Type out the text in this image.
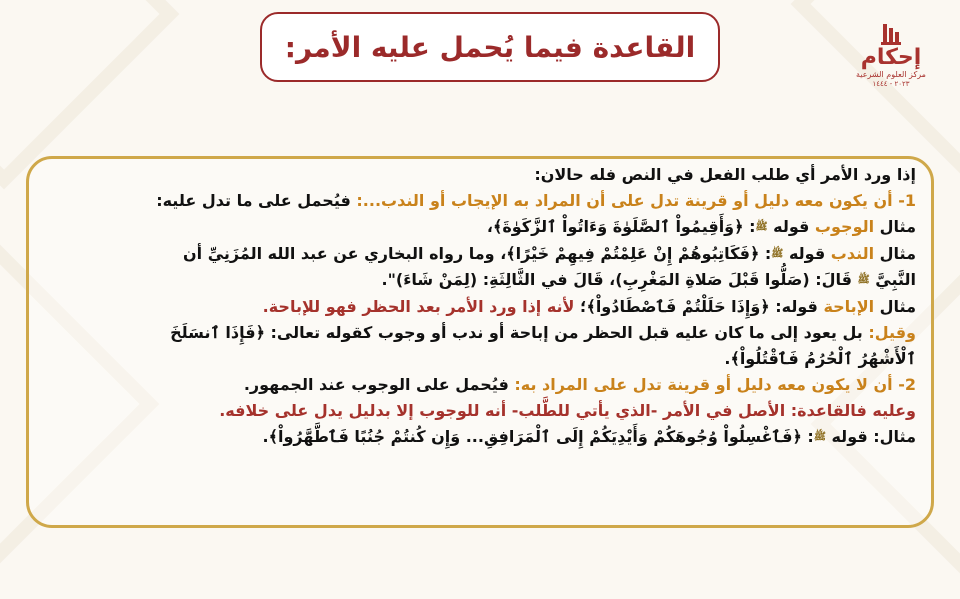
القاعدة فيما يُحمل عليه الأمر:	إحكام
مركز العلوم الشرعية
٢٠٢٣ - ١٤٤٤

إذا ورد الأمر أي طلب الفعل في النص فله حالان:

1- أن يكون معه دليل أو قرينة تدل على أن المراد به الإيجاب أو الندب...: فيُحمل على ما تدل عليه:

مثال الوجوب قوله ﷺ: ﴿وَأَقِيمُواْ ٱلصَّلَوٰةَ وَءَاتُواْ ٱلزَّكَوٰةَ﴾،

مثال الندب قوله ﷺ: ﴿فَكَاتِبُوهُمْ إِنْ عَلِمْتُمْ فِيهِمْ خَيْرًا﴾، وما رواه البخاري عن عبد الله المُزَنِيِّ أن

النَّبِيَّ ﷺ قَالَ: (صَلُّوا قَبْلَ صَلاةِ المَغْرِبِ)، قَالَ في الثَّالِثَةِ: (لِمَنْ شَاءَ)".

مثال الإباحة قوله: ﴿وَإِذَا حَلَلْتُمْ فَٱصْطَادُواْ﴾؛ لأنه إذا ورد الأمر بعد الحظر فهو للإباحة.

وقيل: بل يعود إلى ما كان عليه قبل الحظر من إباحة أو ندب أو وجوب كقوله تعالى: ﴿فَإِذَا ٱنسَلَخَ

ٱلْأَشْهُرُ ٱلْحُرُمُ فَٱقْتُلُواْ﴾.

2- أن لا يكون معه دليل أو قرينة تدل على المراد به: فيُحمل على الوجوب عند الجمهور.

وعليه فالقاعدة: الأصل في الأمر -الذي يأتي للطَّلب- أنه للوجوب إلا بدليل يدل على خلافه.

مثال: قوله ﷺ: ﴿فَٱغْسِلُواْ وُجُوهَكُمْ وَأَيْدِيَكُمْ إِلَى ٱلْمَرَافِقِ... وَإِن كُنتُمْ جُنُبًا فَٱطَّهَّرُواْ﴾.
